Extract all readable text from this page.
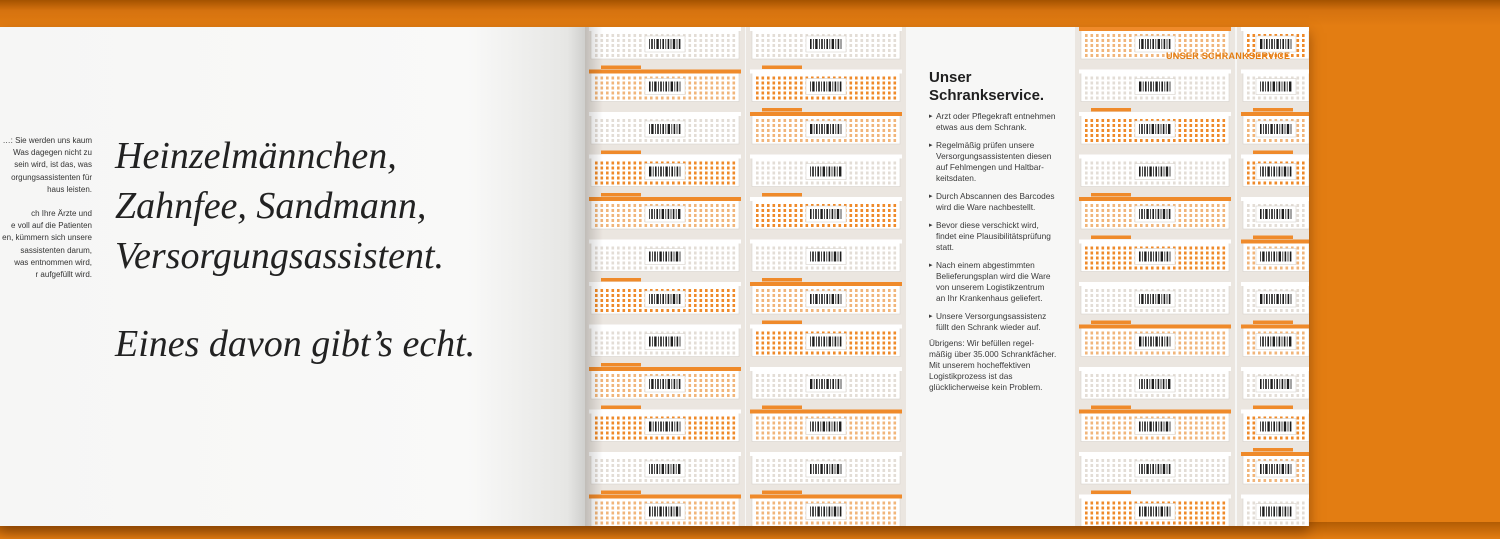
…: Sie werden uns kaum
Was dagegen nicht zu
sein wird, ist das, was
orgungsassistenten für
haus leisten.

ch Ihre Ärzte und
e voll auf die Patienten
en, kümmern sich unsere
sassistenten darum,
was entnommen wird,
r aufgefüllt wird.

Heinzelmännchen,
Zahnfee, Sandmann,
Versorgungsassistent.
Eines davon gibt’s echt.
Unser
Schrankservice.
▸ Arzt oder Pflegekraft entnehmen
etwas aus dem Schrank.
▸ Regelmäßig prüfen unsere
Versorgungsassistenten diesen
auf Fehlmengen und Haltbar-
keitsdaten.
▸ Durch Abscannen des Barcodes
wird die Ware nachbestellt.
▸ Bevor diese verschickt wird,
findet eine Plausibilitätsprüfung
statt.
▸ Nach einem abgestimmten
Belieferungsplan wird die Ware
von unserem Logistikzentrum
an Ihr Krankenhaus geliefert.
▸ Unsere Versorgungsassistenz
füllt den Schrank wieder auf.
Übrigens: Wir befüllen regel-
mäßig über 35.000 Schrankfächer.
Mit unserem hocheffektiven
Logistikprozess ist das
glücklicherweise kein Problem.
UNSER SCHRANKSERVICE
